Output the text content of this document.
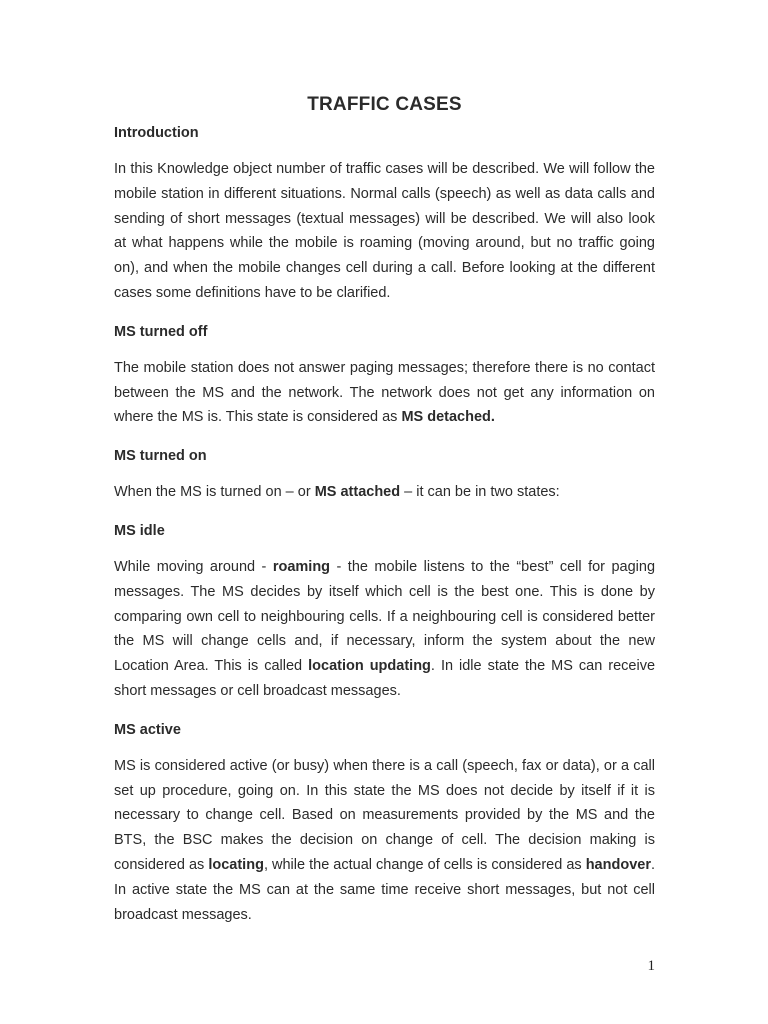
TRAFFIC CASES
Introduction

In this Knowledge object number of traffic cases will be described. We will follow the mobile station in different situations. Normal calls (speech) as well as data calls and sending of short messages (textual messages) will be described. We will also look at what happens while the mobile is roaming (moving around, but no traffic going on), and when the mobile changes cell during a call. Before looking at the different cases some definitions have to be clarified.

MS turned off

The mobile station does not answer paging messages; therefore there is no contact between the MS and the network. The network does not get any information on where the MS is. This state is considered as MS detached.

MS turned on

When the MS is turned on – or MS attached – it can be in two states:

MS idle

While moving around - roaming - the mobile listens to the “best” cell for paging messages. The MS decides by itself which cell is the best one. This is done by comparing own cell to neighbouring cells. If a neighbouring cell is considered better the MS will change cells and, if necessary, inform the system about the new Location Area. This is called location updating. In idle state the MS can receive short messages or cell broadcast messages.

MS active

MS is considered active (or busy) when there is a call (speech, fax or data), or a call set up procedure, going on. In this state the MS does not decide by itself if it is necessary to change cell. Based on measurements provided by the MS and the BTS, the BSC makes the decision on change of cell. The decision making is considered as locating, while the actual change of cells is considered as handover. In active state the MS can at the same time receive short messages, but not cell broadcast messages.

1
